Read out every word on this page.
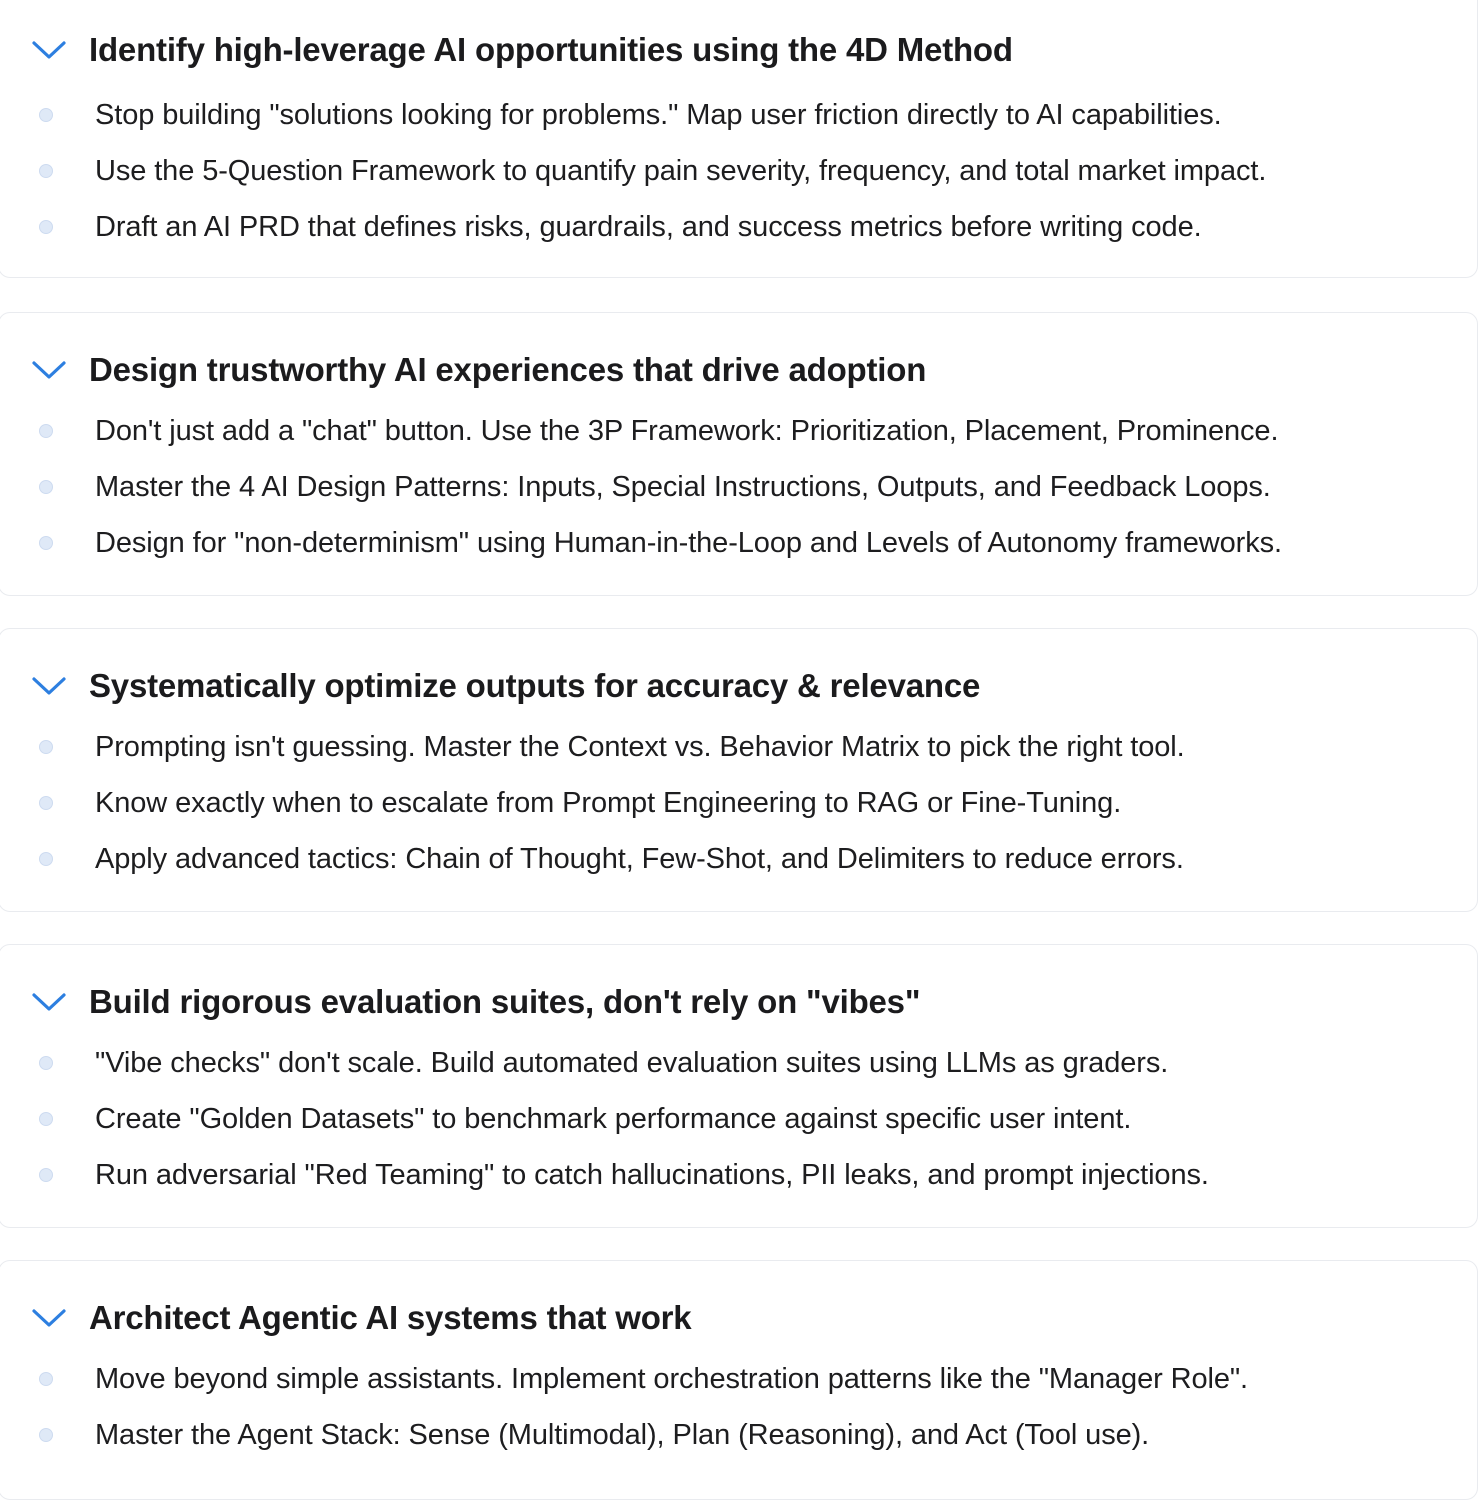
Identify high-leverage AI opportunities using the 4D Method
Stop building "solutions looking for problems." Map user friction directly to AI capabilities.
Use the 5-Question Framework to quantify pain severity, frequency, and total market impact.
Draft an AI PRD that defines risks, guardrails, and success metrics before writing code.
Design trustworthy AI experiences that drive adoption
Don't just add a "chat" button. Use the 3P Framework: Prioritization, Placement, Prominence.
Master the 4 AI Design Patterns: Inputs, Special Instructions, Outputs, and Feedback Loops.
Design for "non-determinism" using Human-in-the-Loop and Levels of Autonomy frameworks.
Systematically optimize outputs for accuracy & relevance
Prompting isn't guessing. Master the Context vs. Behavior Matrix to pick the right tool.
Know exactly when to escalate from Prompt Engineering to RAG or Fine-Tuning.
Apply advanced tactics: Chain of Thought, Few-Shot, and Delimiters to reduce errors.
Build rigorous evaluation suites, don't rely on "vibes"
"Vibe checks" don't scale. Build automated evaluation suites using LLMs as graders.
Create "Golden Datasets" to benchmark performance against specific user intent.
Run adversarial "Red Teaming" to catch hallucinations, PII leaks, and prompt injections.
Architect Agentic AI systems that work
Move beyond simple assistants. Implement orchestration patterns like the "Manager Role".
Master the Agent Stack: Sense (Multimodal), Plan (Reasoning), and Act (Tool use).
